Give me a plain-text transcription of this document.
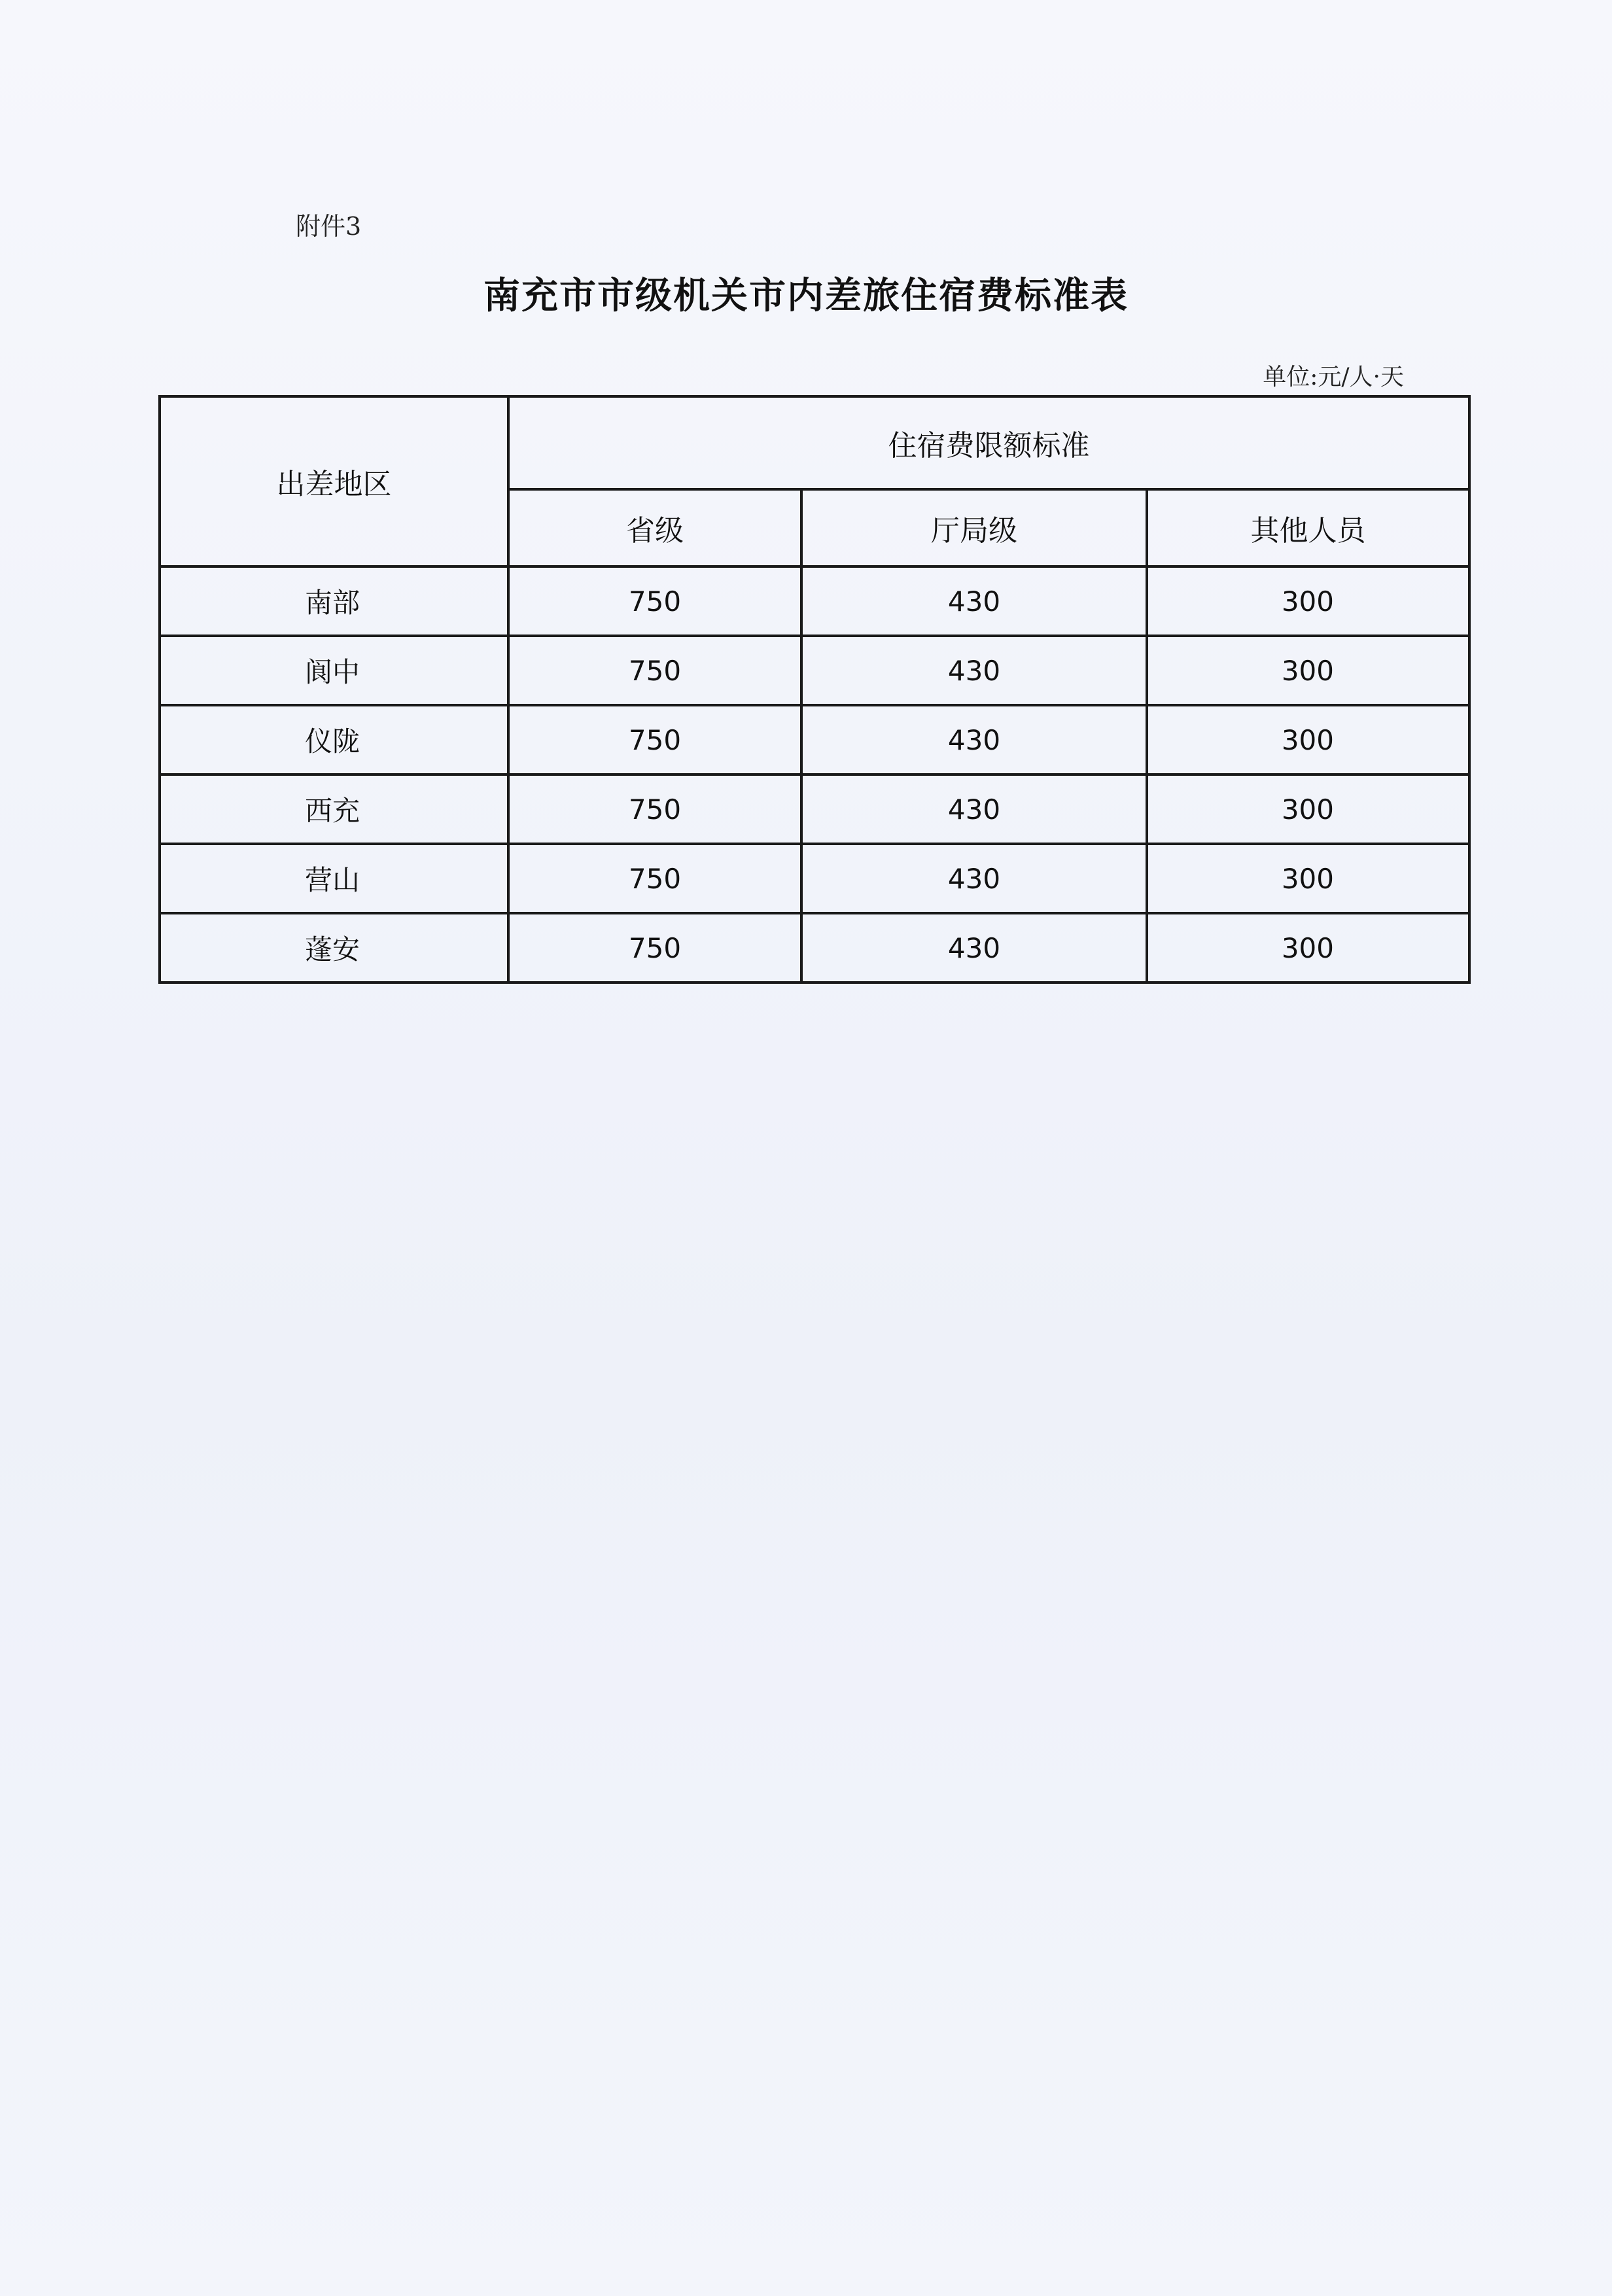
附件3
南充市市级机关市内差旅住宿费标准表
单位:元/人·天
出差地区	住宿费限额标准		
	省级	厅局级	其他人员
南部	750	430	300
阆中	750	430	300
仪陇	750	430	300
西充	750	430	300
营山	750	430	300
蓬安	750	430	300
